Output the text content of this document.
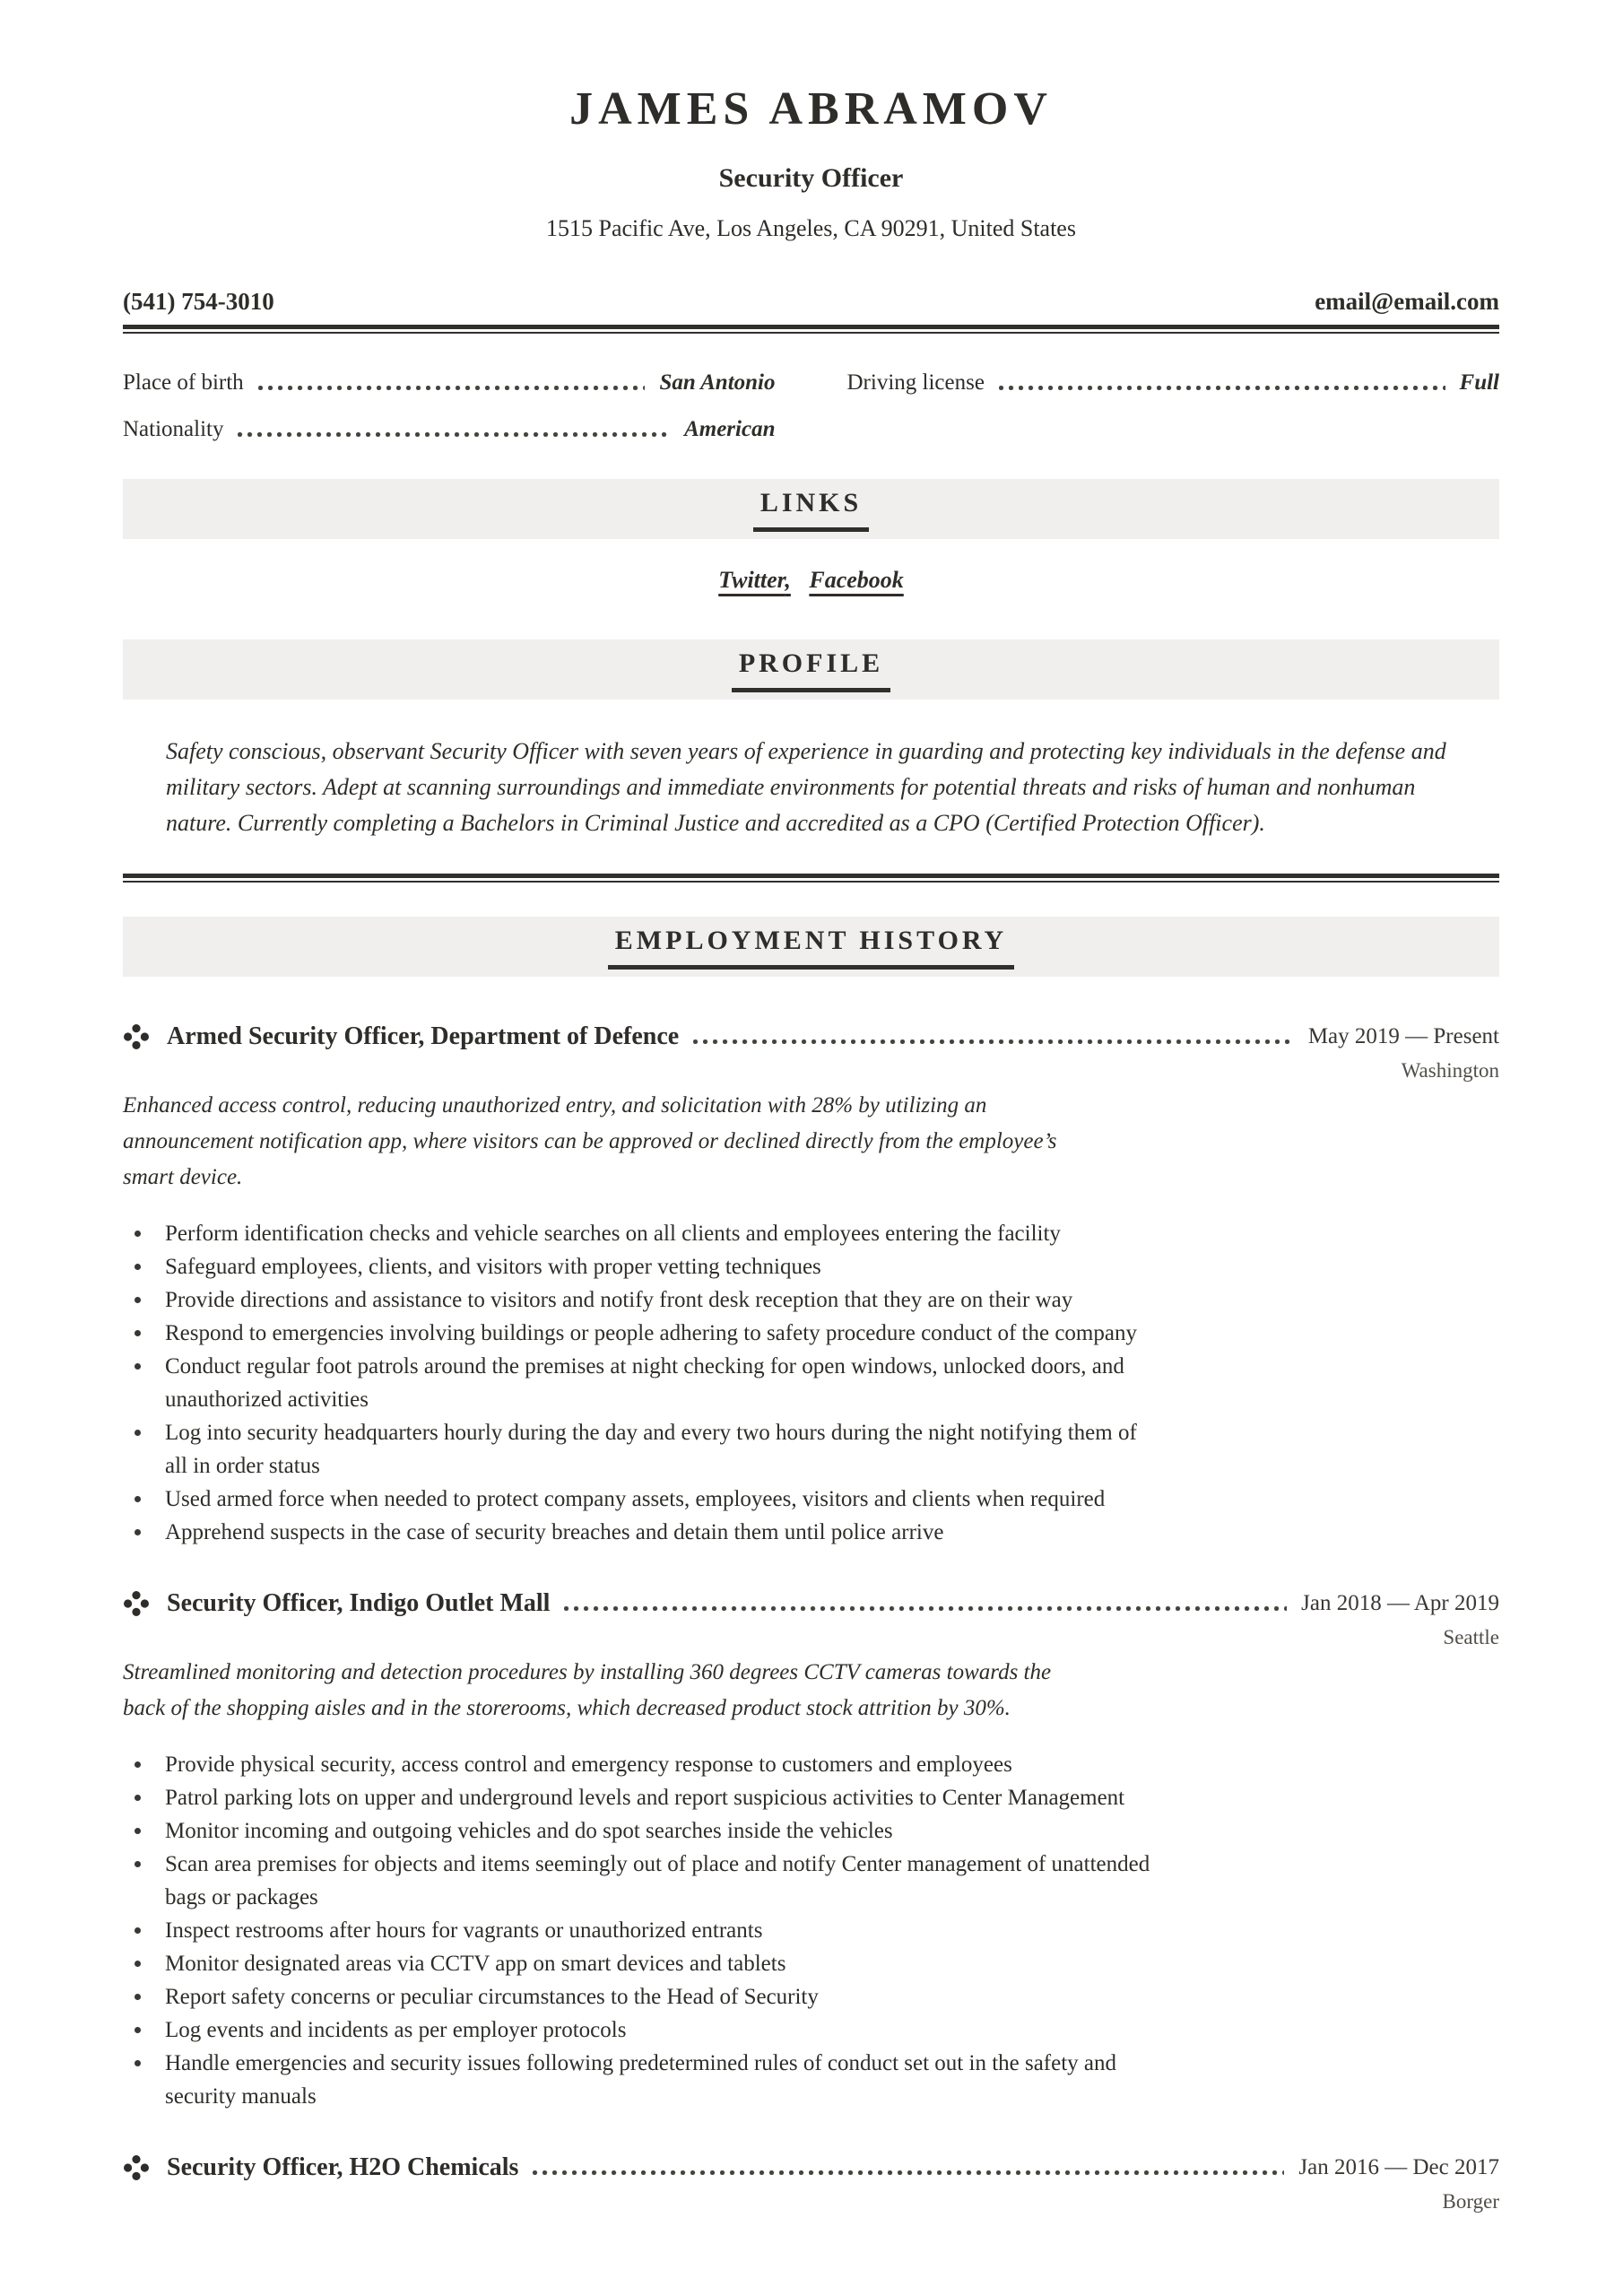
JAMES ABRAMOV
Security Officer
1515 Pacific Ave, Los Angeles, CA 90291, United States
(541) 754-3010	email@email.com
Place of birth	San Antonio	Driving license	Full
Nationality	American
LINKS
Twitter , Facebook
PROFILE

Safety conscious, observant Security Officer with seven years of experience in guarding and protecting key individuals in the defense and military sectors. Adept at scanning surroundings and immediate environments for potential threats and risks of human and nonhuman nature. Currently completing a Bachelors in Criminal Justice and accredited as a CPO (Certified Protection Officer).

EMPLOYMENT HISTORY
Armed Security Officer, Department of Defence	May 2019 — Present
Washington

Enhanced access control, reducing unauthorized entry, and solicitation with 28% by utilizing an announcement notification app, where visitors can be approved or declined directly from the employee’s smart device.

Perform identification checks and vehicle searches on all clients and employees entering the facility
Safeguard employees, clients, and visitors with proper vetting techniques
Provide directions and assistance to visitors and notify front desk reception that they are on their way
Respond to emergencies involving buildings or people adhering to safety procedure conduct of the company
Conduct regular foot patrols around the premises at night checking for open windows, unlocked doors, and unauthorized activities
Log into security headquarters hourly during the day and every two hours during the night notifying them of all in order status
Used armed force when needed to protect company assets, employees, visitors and clients when required
Apprehend suspects in the case of security breaches and detain them until police arrive
Security Officer, Indigo Outlet Mall	Jan 2018 — Apr 2019
Seattle

Streamlined monitoring and detection procedures by installing 360 degrees CCTV cameras towards the back of the shopping aisles and in the storerooms, which decreased product stock attrition by 30%.

Provide physical security, access control and emergency response to customers and employees
Patrol parking lots on upper and underground levels and report suspicious activities to Center Management
Monitor incoming and outgoing vehicles and do spot searches inside the vehicles
Scan area premises for objects and items seemingly out of place and notify Center management of unattended bags or packages
Inspect restrooms after hours for vagrants or unauthorized entrants
Monitor designated areas via CCTV app on smart devices and tablets
Report safety concerns or peculiar circumstances to the Head of Security
Log events and incidents as per employer protocols
Handle emergencies and security issues following predetermined rules of conduct set out in the safety and security manuals
Security Officer, H2O Chemicals	Jan 2016 — Dec 2017
Borger
